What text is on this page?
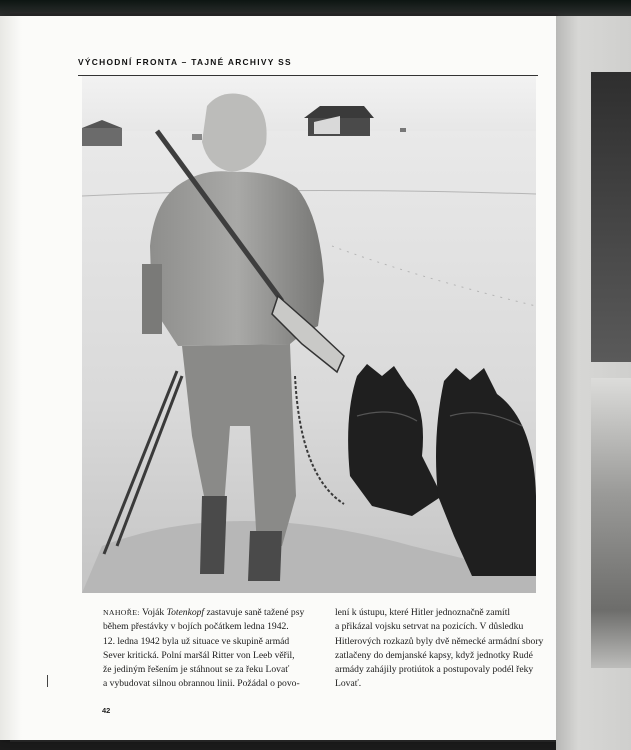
VÝCHODNÍ FRONTA – TAJNÉ ARCHIVY SS
NAHOŘE: Voják Totenkopf zastavuje saně tažené psy
během přestávky v bojích počátkem ledna 1942.
12. ledna 1942 byla už situace ve skupině armád
Sever kritická. Polní maršál Ritter von Leeb věřil,
že jediným řešením je stáhnout se za řeku Lovať
a vybudovat silnou obrannou linii. Požádal o povo-
lení k ústupu, které Hitler jednoznačně zamítl
a přikázal vojsku setrvat na pozicích. V důsledku
Hitlerových rozkazů byly dvě německé armádní sbory
zatlačeny do demjanské kapsy, když jednotky Rudé
armády zahájily protiútok a postupovaly podél řeky
Lovať.
42
